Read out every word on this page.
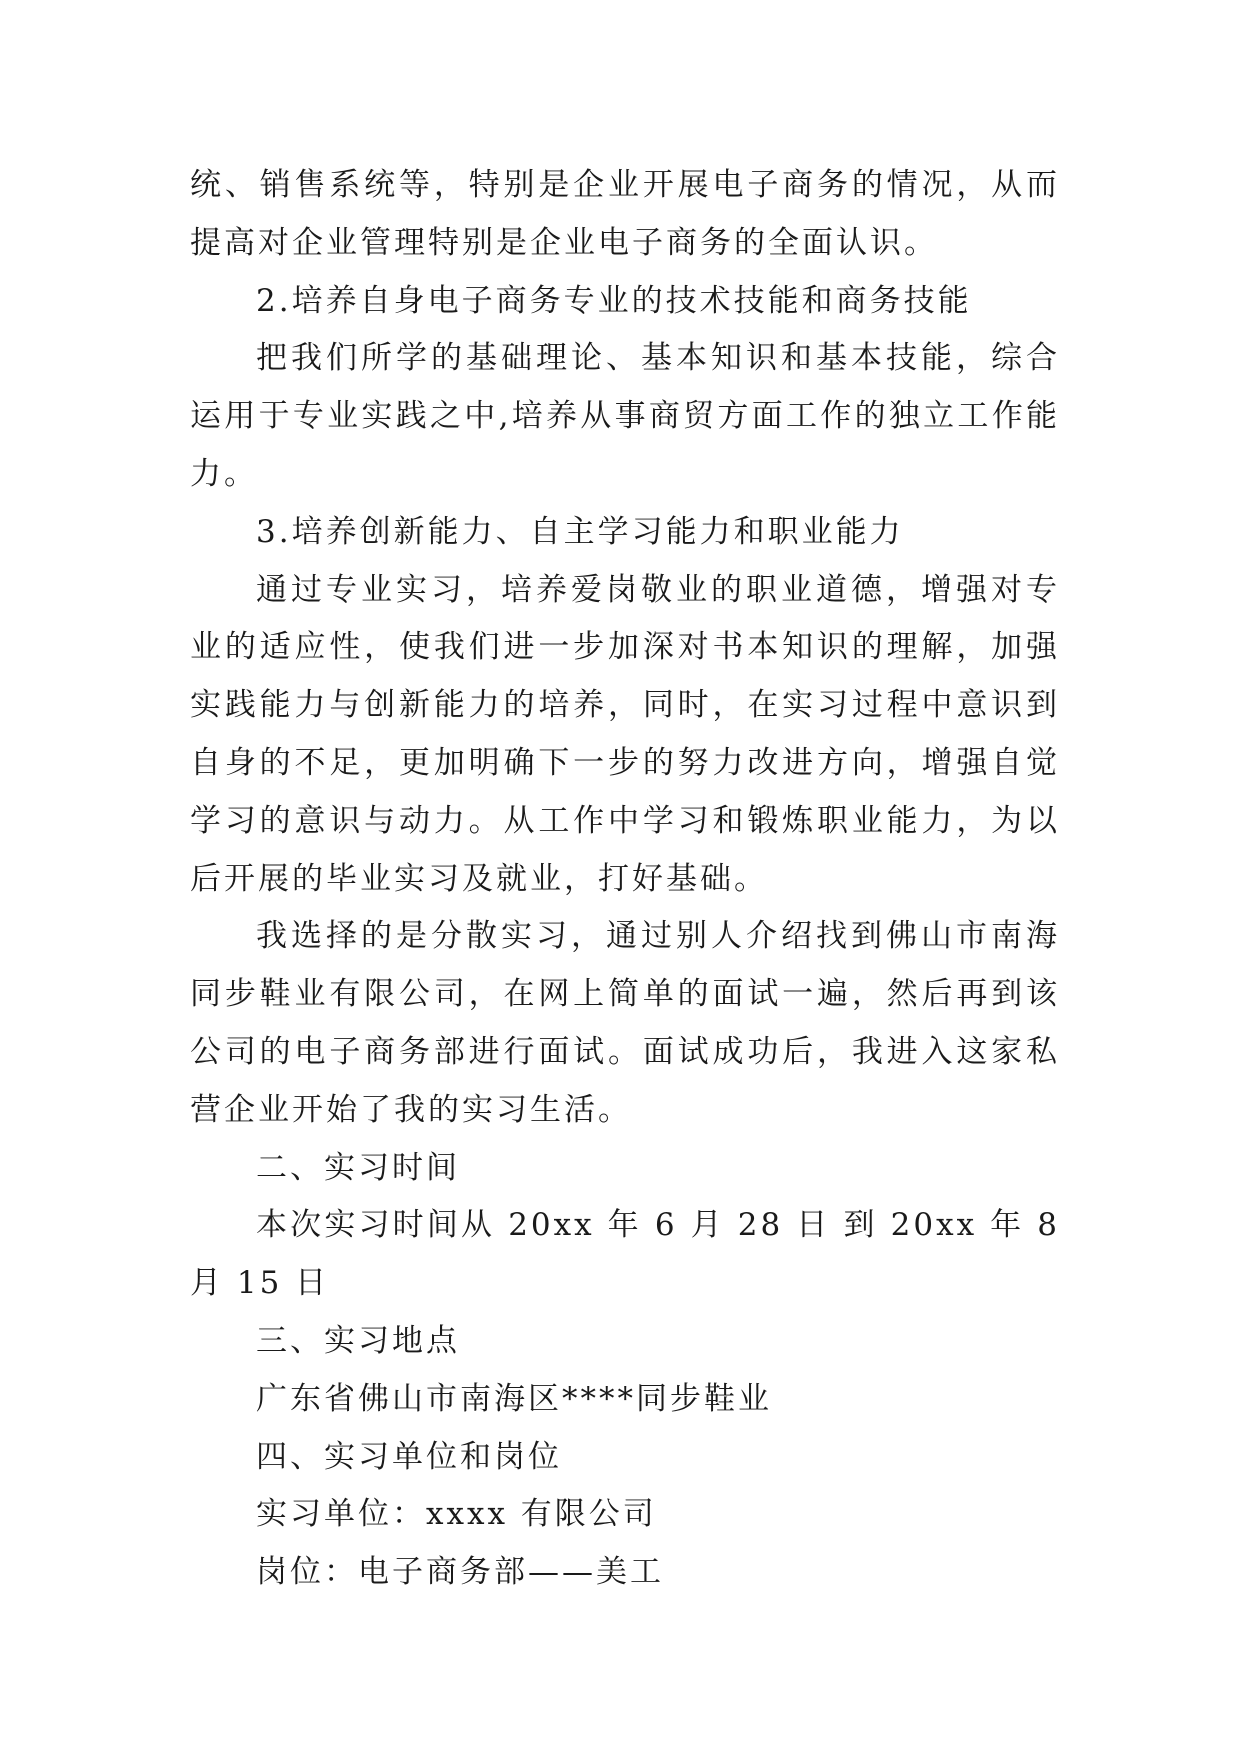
统、销售系统等，特别是企业开展电子商务的情况，从而提高对企业管理特别是企业电子商务的全面认识。

2.培养自身电子商务专业的技术技能和商务技能

把我们所学的基础理论、基本知识和基本技能，综合运用于专业实践之中,培养从事商贸方面工作的独立工作能力。

3.培养创新能力、自主学习能力和职业能力

通过专业实习，培养爱岗敬业的职业道德，增强对专业的适应性，使我们进一步加深对书本知识的理解，加强实践能力与创新能力的培养，同时，在实习过程中意识到自身的不足，更加明确下一步的努力改进方向，增强自觉学习的意识与动力。从工作中学习和锻炼职业能力，为以后开展的毕业实习及就业，打好基础。

我选择的是分散实习，通过别人介绍找到佛山市南海同步鞋业有限公司，在网上简单的面试一遍，然后再到该公司的电子商务部进行面试。面试成功后，我进入这家私营企业开始了我的实习生活。

二、实习时间

本次实习时间从 20xx 年 6 月 28 日 到 20xx 年 8 月 15 日

三、实习地点

广东省佛山市南海区****同步鞋业

四、实习单位和岗位

实习单位：xxxx 有限公司

岗位：电子商务部——美工
